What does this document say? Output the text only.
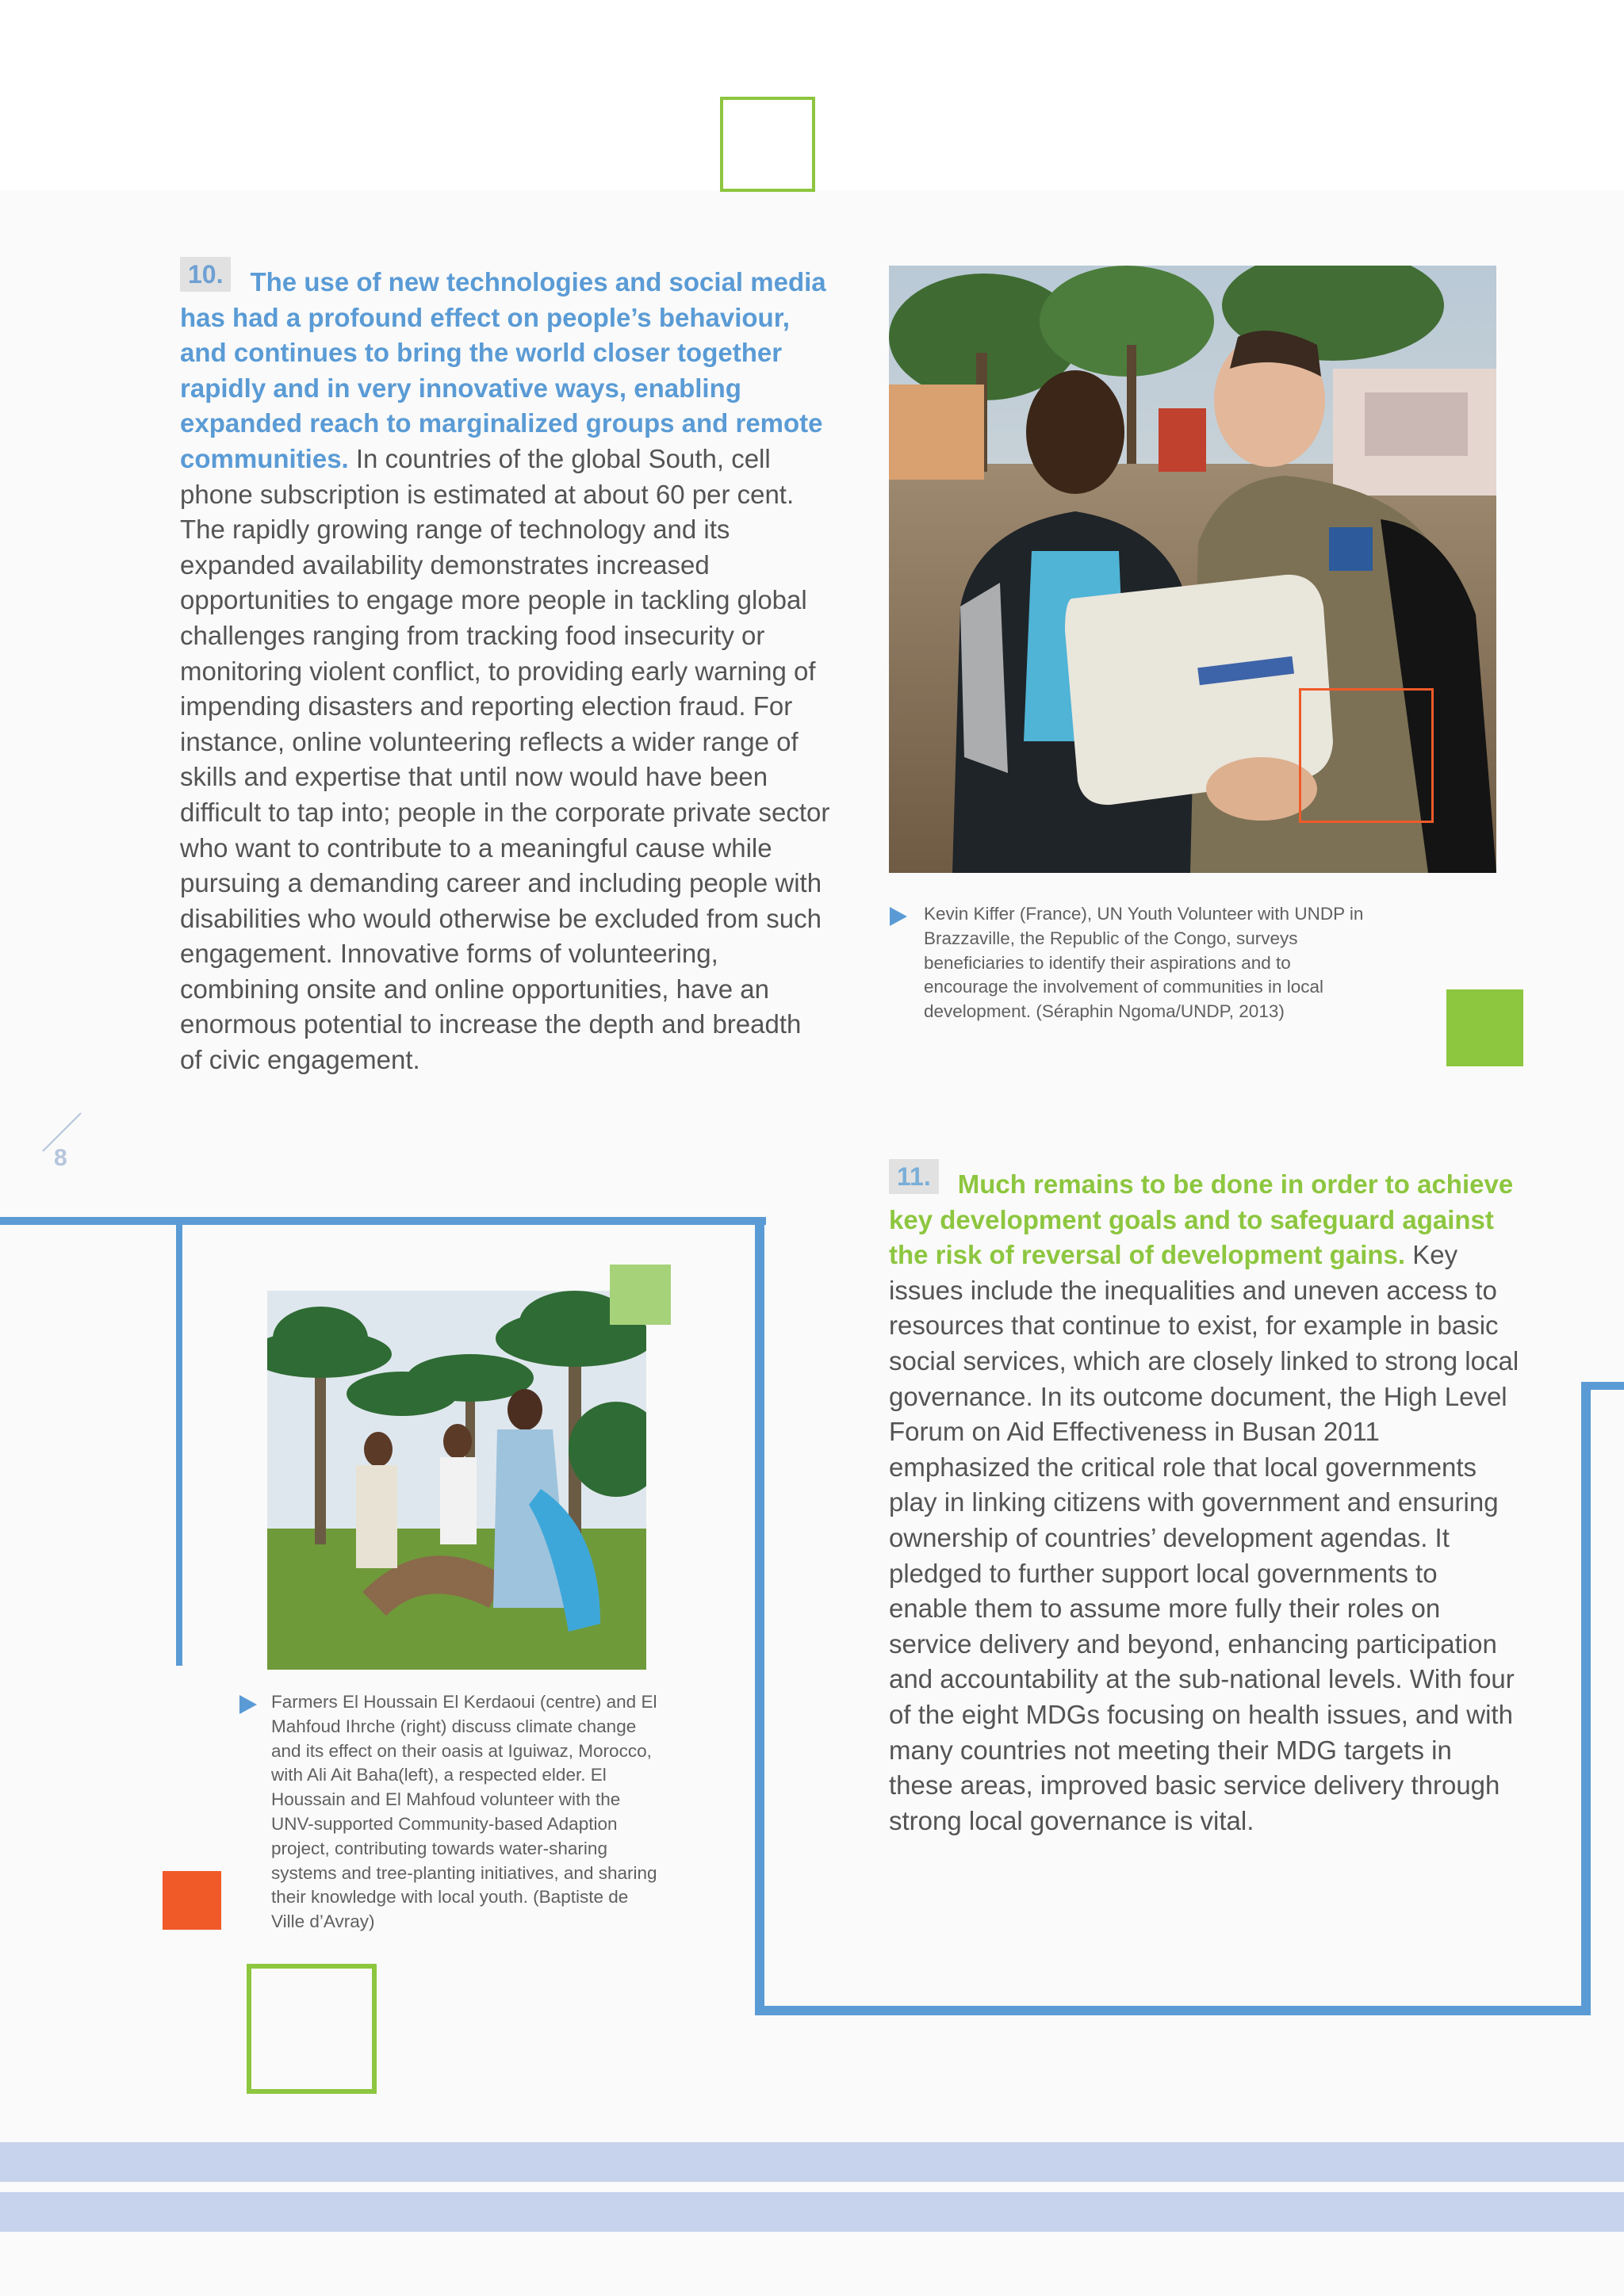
10. The use of new technologies and social media has had a profound effect on people’s behaviour, and continues to bring the world closer together rapidly and in very innovative ways, enabling expanded reach to marginalized groups and remote communities. In countries of the global South, cell phone subscription is estimated at about 60 per cent. The rapidly growing range of technology and its expanded availability demonstrates increased opportunities to engage more people in tackling global challenges ranging from tracking food insecurity or monitoring violent conflict, to providing early warning of impending disasters and reporting election fraud. For instance, online volunteering reflects a wider range of skills and expertise that until now would have been difficult to tap into; people in the corporate private sector who want to contribute to a meaningful cause while pursuing a demanding career and including people with disabilities who would otherwise be excluded from such engagement. Innovative forms of volunteering, combining onsite and online opportunities, have an enormous potential to increase the depth and breadth of civic engagement.

Kevin Kiffer (France), UN Youth Volunteer with UNDP in Brazzaville, the Republic of the Congo, surveys beneficiaries to identify their aspirations and to encourage the involvement of communities in local development. (Séraphin Ngoma/UNDP, 2013)

8

Farmers El Houssain El Kerdaoui (centre) and El Mahfoud Ihrche (right) discuss climate change and its effect on their oasis at Iguiwaz, Morocco, with Ali Ait Baha(left), a respected elder. El Houssain and El Mahfoud volunteer with the UNV-supported Community-based Adaption project, contributing towards water-sharing systems and tree-planting initiatives, and sharing their knowledge with local youth. (Baptiste de Ville d’Avray)

11. Much remains to be done in order to achieve key development goals and to safeguard against the risk of reversal of development gains. Key issues include the inequalities and uneven access to resources that continue to exist, for example in basic social services, which are closely linked to strong local governance. In its outcome document, the High Level Forum on Aid Effectiveness in Busan 2011 emphasized the critical role that local governments play in linking citizens with government and ensuring ownership of countries’ development agendas. It pledged to further support local governments to enable them to assume more fully their roles on service delivery and beyond, enhancing participation and accountability at the sub-national levels. With four of the eight MDGs focusing on health issues, and with many countries not meeting their MDG targets in these areas, improved basic service delivery through strong local governance is vital.
